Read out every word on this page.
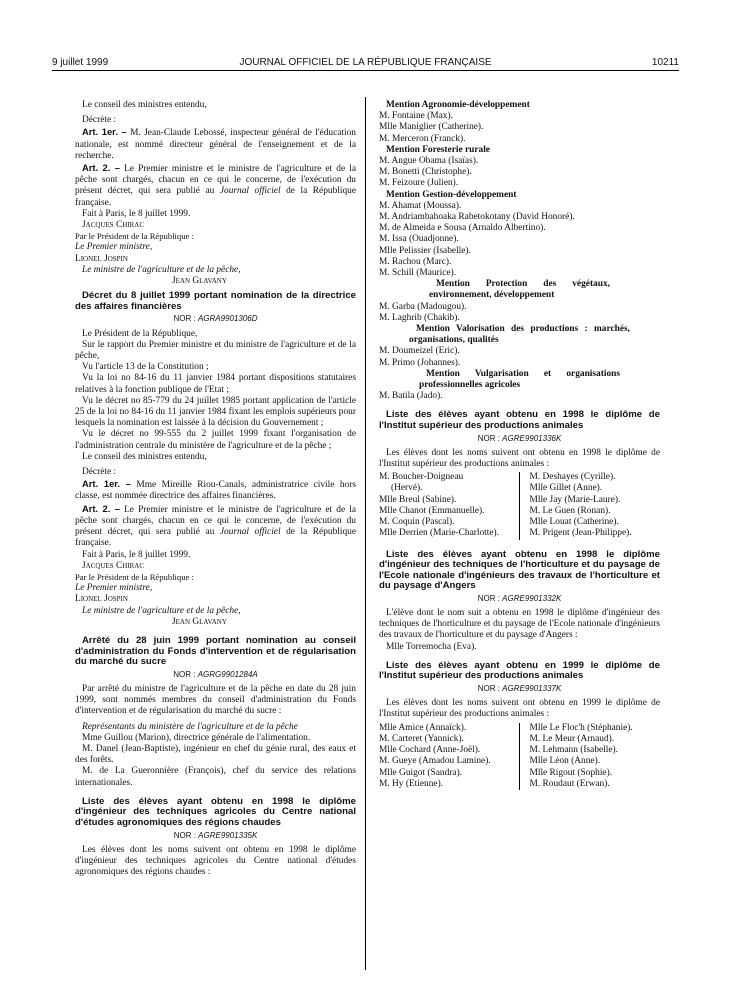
9 juillet 1999	JOURNAL OFFICIEL DE LA RÉPUBLIQUE FRANÇAISE	10211

Le conseil des ministres entendu,

Décrète :

Art. 1er. – M. Jean-Claude Lebossé, inspecteur général de l'éducation nationale, est nommé directeur général de l'enseignement et de la recherche.

Art. 2. – Le Premier ministre et le ministre de l'agriculture et de la pêche sont chargés, chacun en ce qui le concerne, de l'exécution du présent décret, qui sera publié au Journal officiel de la République française.

Fait à Paris, le 8 juillet 1999.

Jacques Chirac

Par le Président de la République :

Le Premier ministre,

Lionel Jospin

Le ministre de l'agriculture et de la pêche,

Jean Glavany

Décret du 8 juillet 1999 portant nomination de la directrice des affaires financières

NOR : AGRA9901306D

Le Président de la République,

Sur le rapport du Premier ministre et du ministre de l'agriculture et de la pêche,

Vu l'article 13 de la Constitution ;

Vu la loi no 84-16 du 11 janvier 1984 portant dispositions statutaires relatives à la fonction publique de l'Etat ;

Vu le décret no 85-779 du 24 juillet 1985 portant application de l'article 25 de la loi no 84-16 du 11 janvier 1984 fixant les emplois supérieurs pour lesquels la nomination est laissée à la décision du Gouvernement ;

Vu le décret no 99-555 du 2 juillet 1999 fixant l'organisation de l'administration centrale du ministère de l'agriculture et de la pêche ;

Le conseil des ministres entendu,

Décrète :

Art. 1er. – Mme Mireille Riou-Canals, administratrice civile hors classe, est nommée directrice des affaires financières.

Art. 2. – Le Premier ministre et le ministre de l'agriculture et de la pêche sont chargés, chacun en ce qui le concerne, de l'exécution du présent décret, qui sera publié au Journal officiel de la République française.

Fait à Paris, le 8 juillet 1999.

Jacques Chirac

Par le Président de la République :

Le Premier ministre,

Lionel Jospin

Le ministre de l'agriculture et de la pêche,

Jean Glavany

Arrêté du 28 juin 1999 portant nomination au conseil d'administration du Fonds d'intervention et de régularisation du marché du sucre

NOR : AGRG9901284A

Par arrêté du ministre de l'agriculture et de la pêche en date du 28 juin 1999, sont nommés membres du conseil d'administration du Fonds d'intervention et de régularisation du marché du sucre :

Représentants du ministère de l'agriculture et de la pêche

Mme Guillou (Marion), directrice générale de l'alimentation.

M. Danel (Jean-Baptiste), ingénieur en chef du génie rural, des eaux et des forêts.

M. de La Gueronnière (François), chef du service des relations internationales.

Liste des élèves ayant obtenu en 1998 le diplôme d'ingénieur des techniques agricoles du Centre national d'études agronomiques des régions chaudes

NOR : AGRE9901335K

Les élèves dont les noms suivent ont obtenu en 1998 le diplôme d'ingénieur des techniques agricoles du Centre national d'études agronomiques des régions chaudes :

Mention Agronomie-développement

M. Fontaine (Max).
Mlle Maniglier (Catherine).
M. Merceron (Franck).

Mention Foresterie rurale

M. Angue Obama (Isaïas).
M. Bonetti (Christophe).
M. Feizoure (Julien).

Mention Gestion-développement

M. Ahamat (Moussa).
M. Andriambahoaka Rabetokotany (David Honoré).
M. de Almeida e Sousa (Arnaldo Albertino).
M. Issa (Ouadjonne).
Mlle Pelissier (Isabelle).
M. Rachou (Marc).
M. Schill (Maurice).

Mention Protection des végétaux, environnement, développement

M. Garba (Madougou).
M. Laghrib (Chakib).

Mention Valorisation des productions : marchés, organisations, qualités

M. Doumeizel (Eric).
M. Primo (Johannes).

Mention Vulgarisation et organisations professionnelles agricoles

M. Batila (Jado).

Liste des élèves ayant obtenu en 1998 le diplôme de l'Institut supérieur des productions animales

NOR : AGRE9901336K

Les élèves dont les noms suivent ont obtenu en 1998 le diplôme de l'Institut supérieur des productions animales :

M. Boucher-Doigneau
(Hervé).
Mlle Breul (Sabine).
Mlle Chanot (Emmanuelle).
M. Coquin (Pascal).
Mlle Derrien (Marie-Charlotte).
M. Deshayes (Cyrille).
Mlle Gillet (Anne).
Mlle Jay (Marie-Laure).
M. Le Guen (Ronan).
Mlle Louat (Catherine).
M. Prigent (Jean-Philippe).

Liste des élèves ayant obtenu en 1998 le diplôme d'ingénieur des techniques de l'horticulture et du paysage de l'Ecole nationale d'ingénieurs des travaux de l'horticulture et du paysage d'Angers

NOR : AGRE9901332K

L'élève dont le nom suit a obtenu en 1998 le diplôme d'ingénieur des techniques de l'horticulture et du paysage de l'Ecole nationale d'ingénieurs des travaux de l'horticulture et du paysage d'Angers :

Mlle Torremocha (Eva).

Liste des élèves ayant obtenu en 1999 le diplôme de l'Institut supérieur des productions animales

NOR : AGRE9901337K

Les élèves dont les noms suivent ont obtenu en 1999 le diplôme de l'Institut supérieur des productions animales :

Mlle Amice (Annaïck).
M. Carteret (Yannick).
Mlle Cochard (Anne-Joël).
M. Gueye (Amadou Lamine).
Mlle Guigot (Sandra).
M. Hy (Etienne).
Mlle Le Floc'h (Stéphanie).
M. Le Meur (Arnaud).
M. Lehmann (Isabelle).
Mlle Léon (Anne).
Mlle Rigout (Sophie).
M. Roudaut (Erwan).
